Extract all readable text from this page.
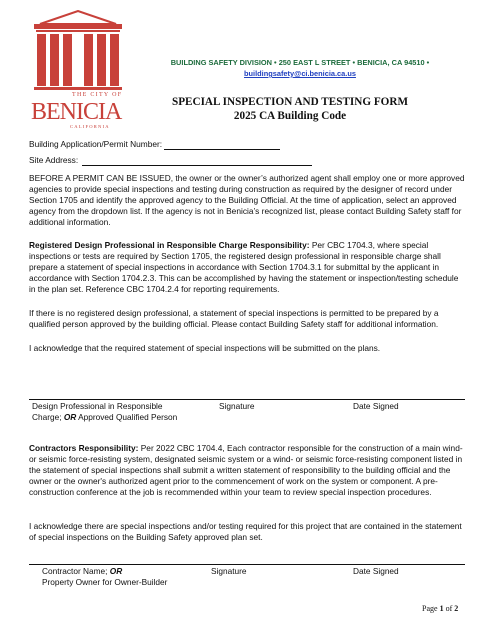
THE CITY OF
BENICIA
CALIFORNIA
BUILDING SAFETY DIVISION • 250 EAST L STREET • BENICIA, CA 94510 •
buildingsafety@ci.benicia.ca.us
SPECIAL INSPECTION AND TESTING FORM
2025 CA Building Code
Building Application/Permit Number:
Site Address:
BEFORE A PERMIT CAN BE ISSUED, the owner or the owner’s authorized agent shall employ one or more approved agencies to provide special inspections and testing during construction as required by the designer of record under Section 1705 and identify the approved agency to the Building Official. At the time of application, select an approved agency from the dropdown list. If the agency is not in Benicia’s recognized list, please contact Building Safety staff for additional information.
Registered Design Professional in Responsible Charge Responsibility: Per CBC 1704.3, where special inspections or tests are required by Section 1705, the registered design professional in responsible charge shall prepare a statement of special inspections in accordance with Section 1704.3.1 for submittal by the applicant in accordance with Section 1704.2.3. This can be accomplished by having the statement or inspection/testing schedule in the plan set. Reference CBC 1704.2.4 for reporting requirements.
If there is no registered design professional, a statement of special inspections is permitted to be prepared by a qualified person approved by the building official. Please contact Building Safety staff for additional information.
I acknowledge that the required statement of special inspections will be submitted on the plans.
Design Professional in Responsible
Charge; OR Approved Qualified Person
Signature	Date Signed
Contractors Responsibility: Per 2022 CBC 1704.4, Each contractor responsible for the construction of a main wind- or seismic force-resisting system, designated seismic system or a wind- or seismic force-resisting component listed in the statement of special inspections shall submit a written statement of responsibility to the building official and the owner or the owner's authorized agent prior to the commencement of work on the system or component. A pre-construction conference at the job is recommended within your team to review special inspection procedures.
I acknowledge there are special inspections and/or testing required for this project that are contained in the statement of special inspections on the Building Safety approved plan set.
Contractor Name; OR
Property Owner for Owner-Builder
Signature	Date Signed
Page 1 of 2
